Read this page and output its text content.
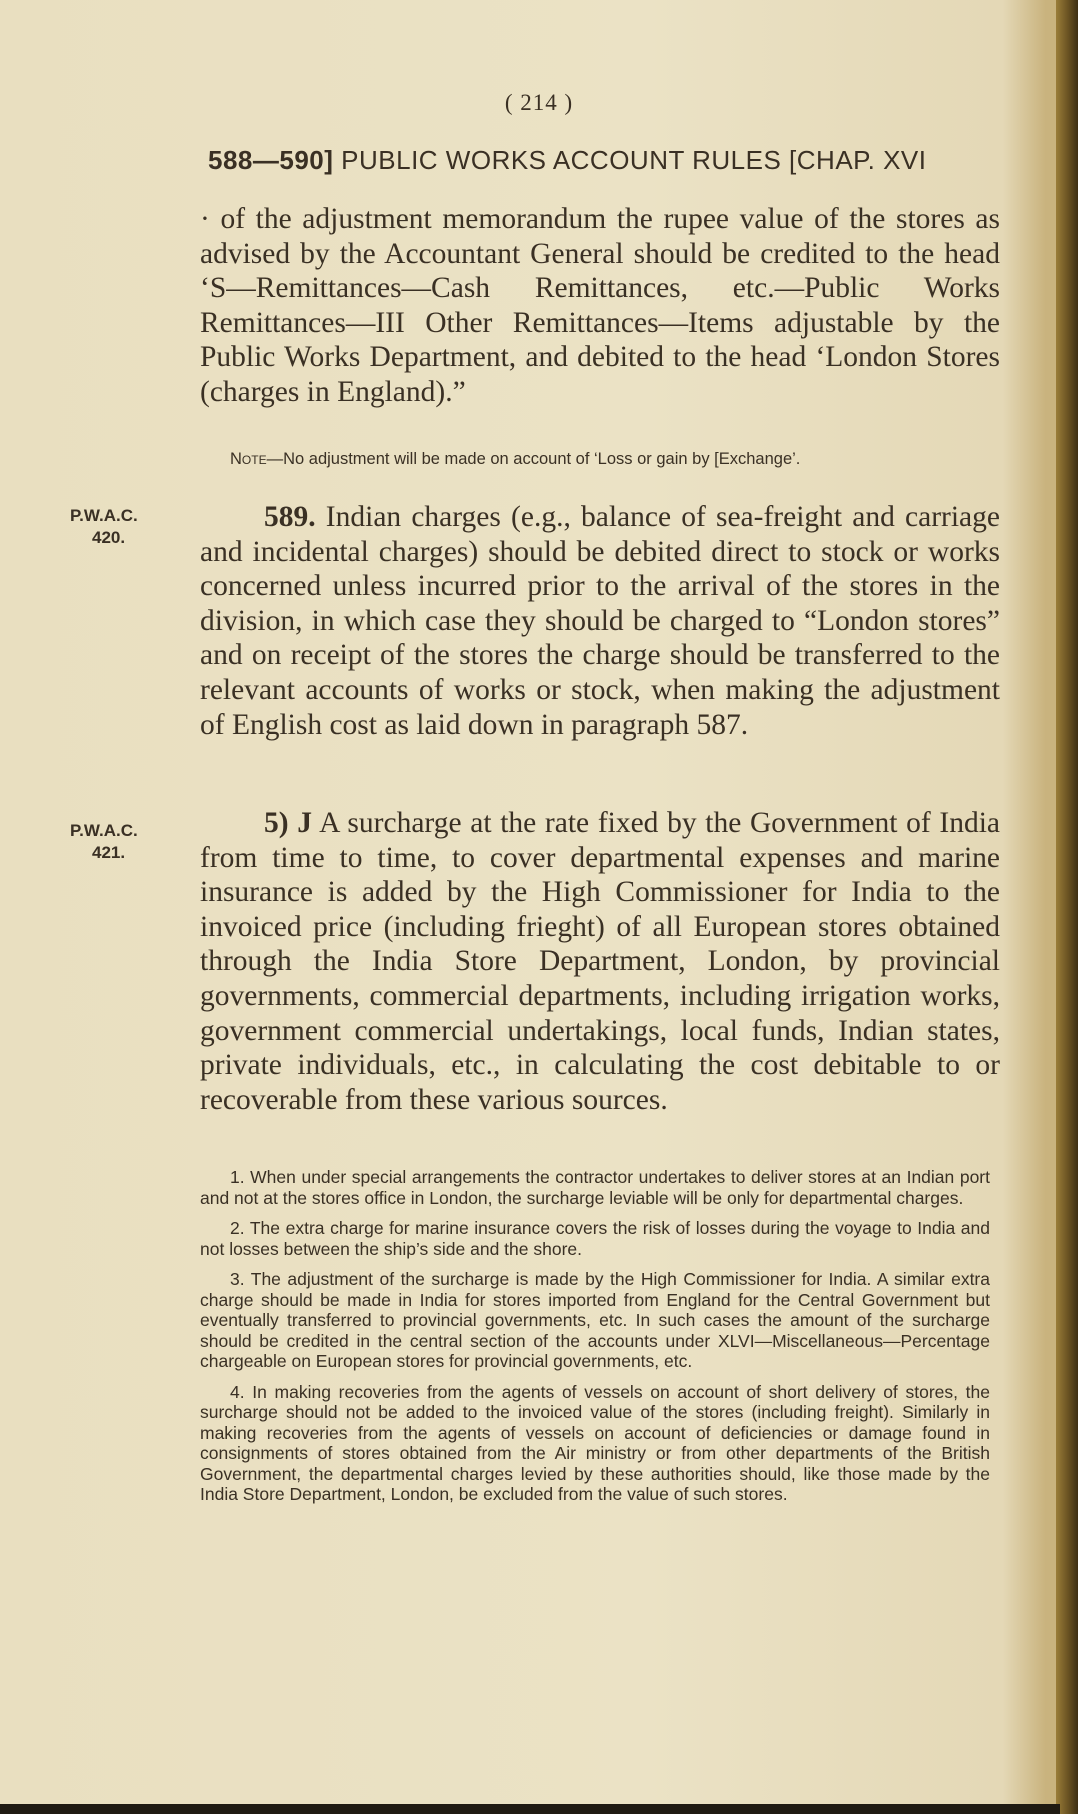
( 214 )
588—590] PUBLIC WORKS ACCOUNT RULES [CHAP. XVI
· of the adjustment memorandum the rupee value of the stores as advised by the Accountant General should be credited to the head ‘S—Remittances—Cash Remittances, etc.—Public Works Remittances—III Other Remittances—Items adjustable by the Public Works Department, and debited to the head ‘London Stores (charges in England).”
Note—No adjustment will be made on account of ‘Loss or gain by [Exchange’.
P.W.A.C.
420.
589. Indian charges (e.g., balance of sea-freight and carriage and incidental charges) should be debited direct to stock or works concerned unless incurred prior to the arrival of the stores in the division, in which case they should be charged to “London stores” and on receipt of the stores the charge should be transferred to the relevant accounts of works or stock, when making the adjustment of English cost as laid down in paragraph 587.
P.W.A.C.
421.
5) J A surcharge at the rate fixed by the Government of India from time to time, to cover departmental expenses and marine insurance is added by the High Commissioner for India to the invoiced price (including frieght) of all European stores obtained through the India Store Department, London, by provincial governments, commercial departments, including irrigation works, government commercial undertakings, local funds, Indian states, private individuals, etc., in calculating the cost debitable to or recoverable from these various sources.

1. When under special arrangements the contractor undertakes to deliver stores at an Indian port and not at the stores office in London, the surcharge leviable will be only for departmental charges.

2. The extra charge for marine insurance covers the risk of losses during the voyage to India and not losses between the ship’s side and the shore.

3. The adjustment of the surcharge is made by the High Commissioner for India. A similar extra charge should be made in India for stores imported from England for the Central Government but eventually transferred to provincial governments, etc. In such cases the amount of the surcharge should be credited in the central section of the accounts under XLVI—Miscellaneous—Percentage chargeable on European stores for provincial governments, etc.

4. In making recoveries from the agents of vessels on account of short delivery of stores, the surcharge should not be added to the invoiced value of the stores (including freight). Similarly in making recoveries from the agents of vessels on account of deficiencies or damage found in consignments of stores obtained from the Air ministry or from other departments of the British Government, the departmental charges levied by these authorities should, like those made by the India Store Department, London, be excluded from the value of such stores.
